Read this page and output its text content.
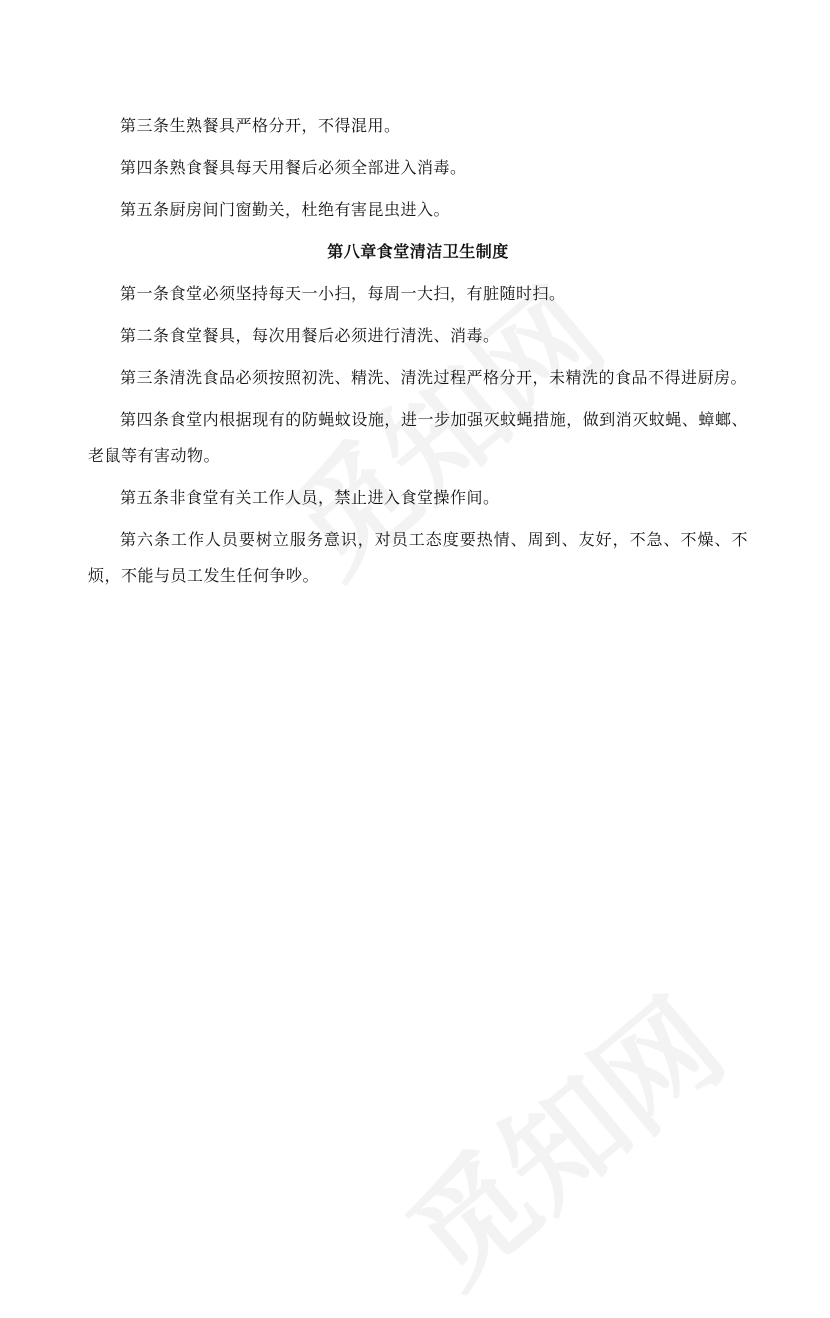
第三条生熟餐具严格分开，不得混用。

第四条熟食餐具每天用餐后必须全部进入消毒。

第五条厨房间门窗勤关，杜绝有害昆虫进入。

第八章食堂清洁卫生制度

第一条食堂必须坚持每天一小扫，每周一大扫，有脏随时扫。

第二条食堂餐具，每次用餐后必须进行清洗、消毒。

第三条清洗食品必须按照初洗、精洗、清洗过程严格分开，未精洗的食品不得进厨房。

第四条食堂内根据现有的防蝇蚊设施，进一步加强灭蚊蝇措施，做到消灭蚊蝇、蟑螂、老鼠等有害动物。

第五条非食堂有关工作人员，禁止进入食堂操作间。

第六条工作人员要树立服务意识，对员工态度要热情、周到、友好，不急、不燥、不烦，不能与员工发生任何争吵。
